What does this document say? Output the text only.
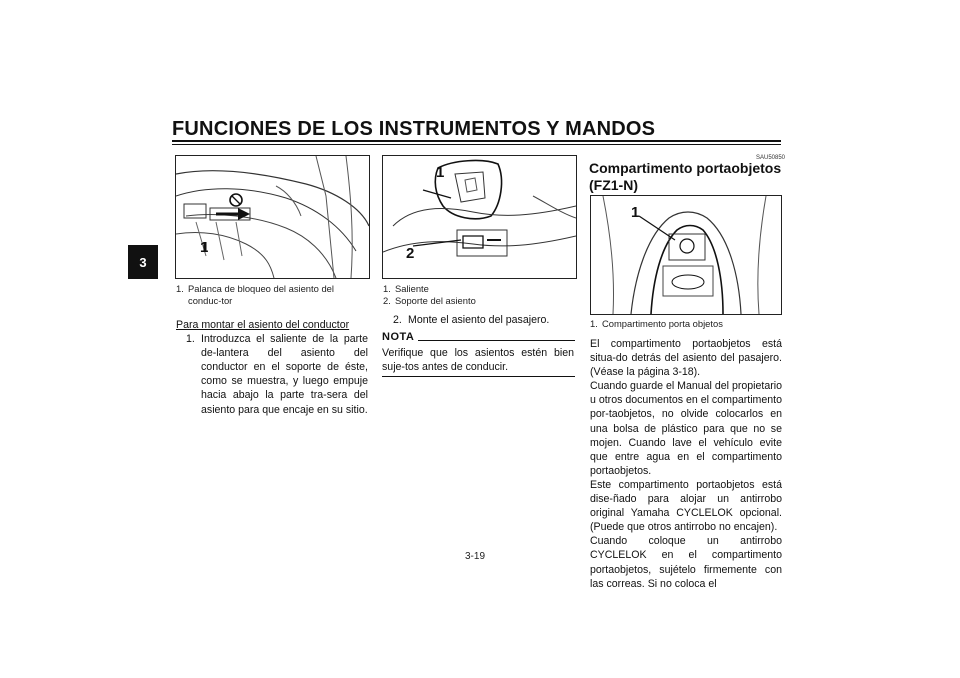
FUNCIONES DE LOS INSTRUMENTOS Y MANDOS
3
1
1. Palanca de bloqueo del asiento del conduc-tor
Para montar el asiento del conductor
1. Introduzca el saliente de la parte de-lantera del asiento del conductor en el soporte de éste, como se muestra, y luego empuje hacia abajo la parte tra-sera del asiento para que encaje en su sitio.
1
2
1. Saliente
2. Soporte del asiento
2. Monte el asiento del pasajero.
NOTA
Verifique que los asientos estén bien suje-tos antes de conducir.
SAU50850
Compartimento portaobjetos
(FZ1-N)
1
1. Compartimento porta objetos
El compartimento portaobjetos está situa-do detrás del asiento del pasajero. (Véase la página 3-18).
Cuando guarde el Manual del propietario u otros documentos en el compartimento por-taobjetos, no olvide colocarlos en una bolsa de plástico para que no se mojen. Cuando lave el vehículo evite que entre agua en el compartimento portaobjetos.
Este compartimento portaobjetos está dise-ñado para alojar un antirrobo original Yamaha CYCLELOK opcional. (Puede que otros antirrobo no encajen).
Cuando coloque un antirrobo CYCLELOK en el compartimento portaobjetos, sujételo firmemente con las correas. Si no coloca el
3-19
